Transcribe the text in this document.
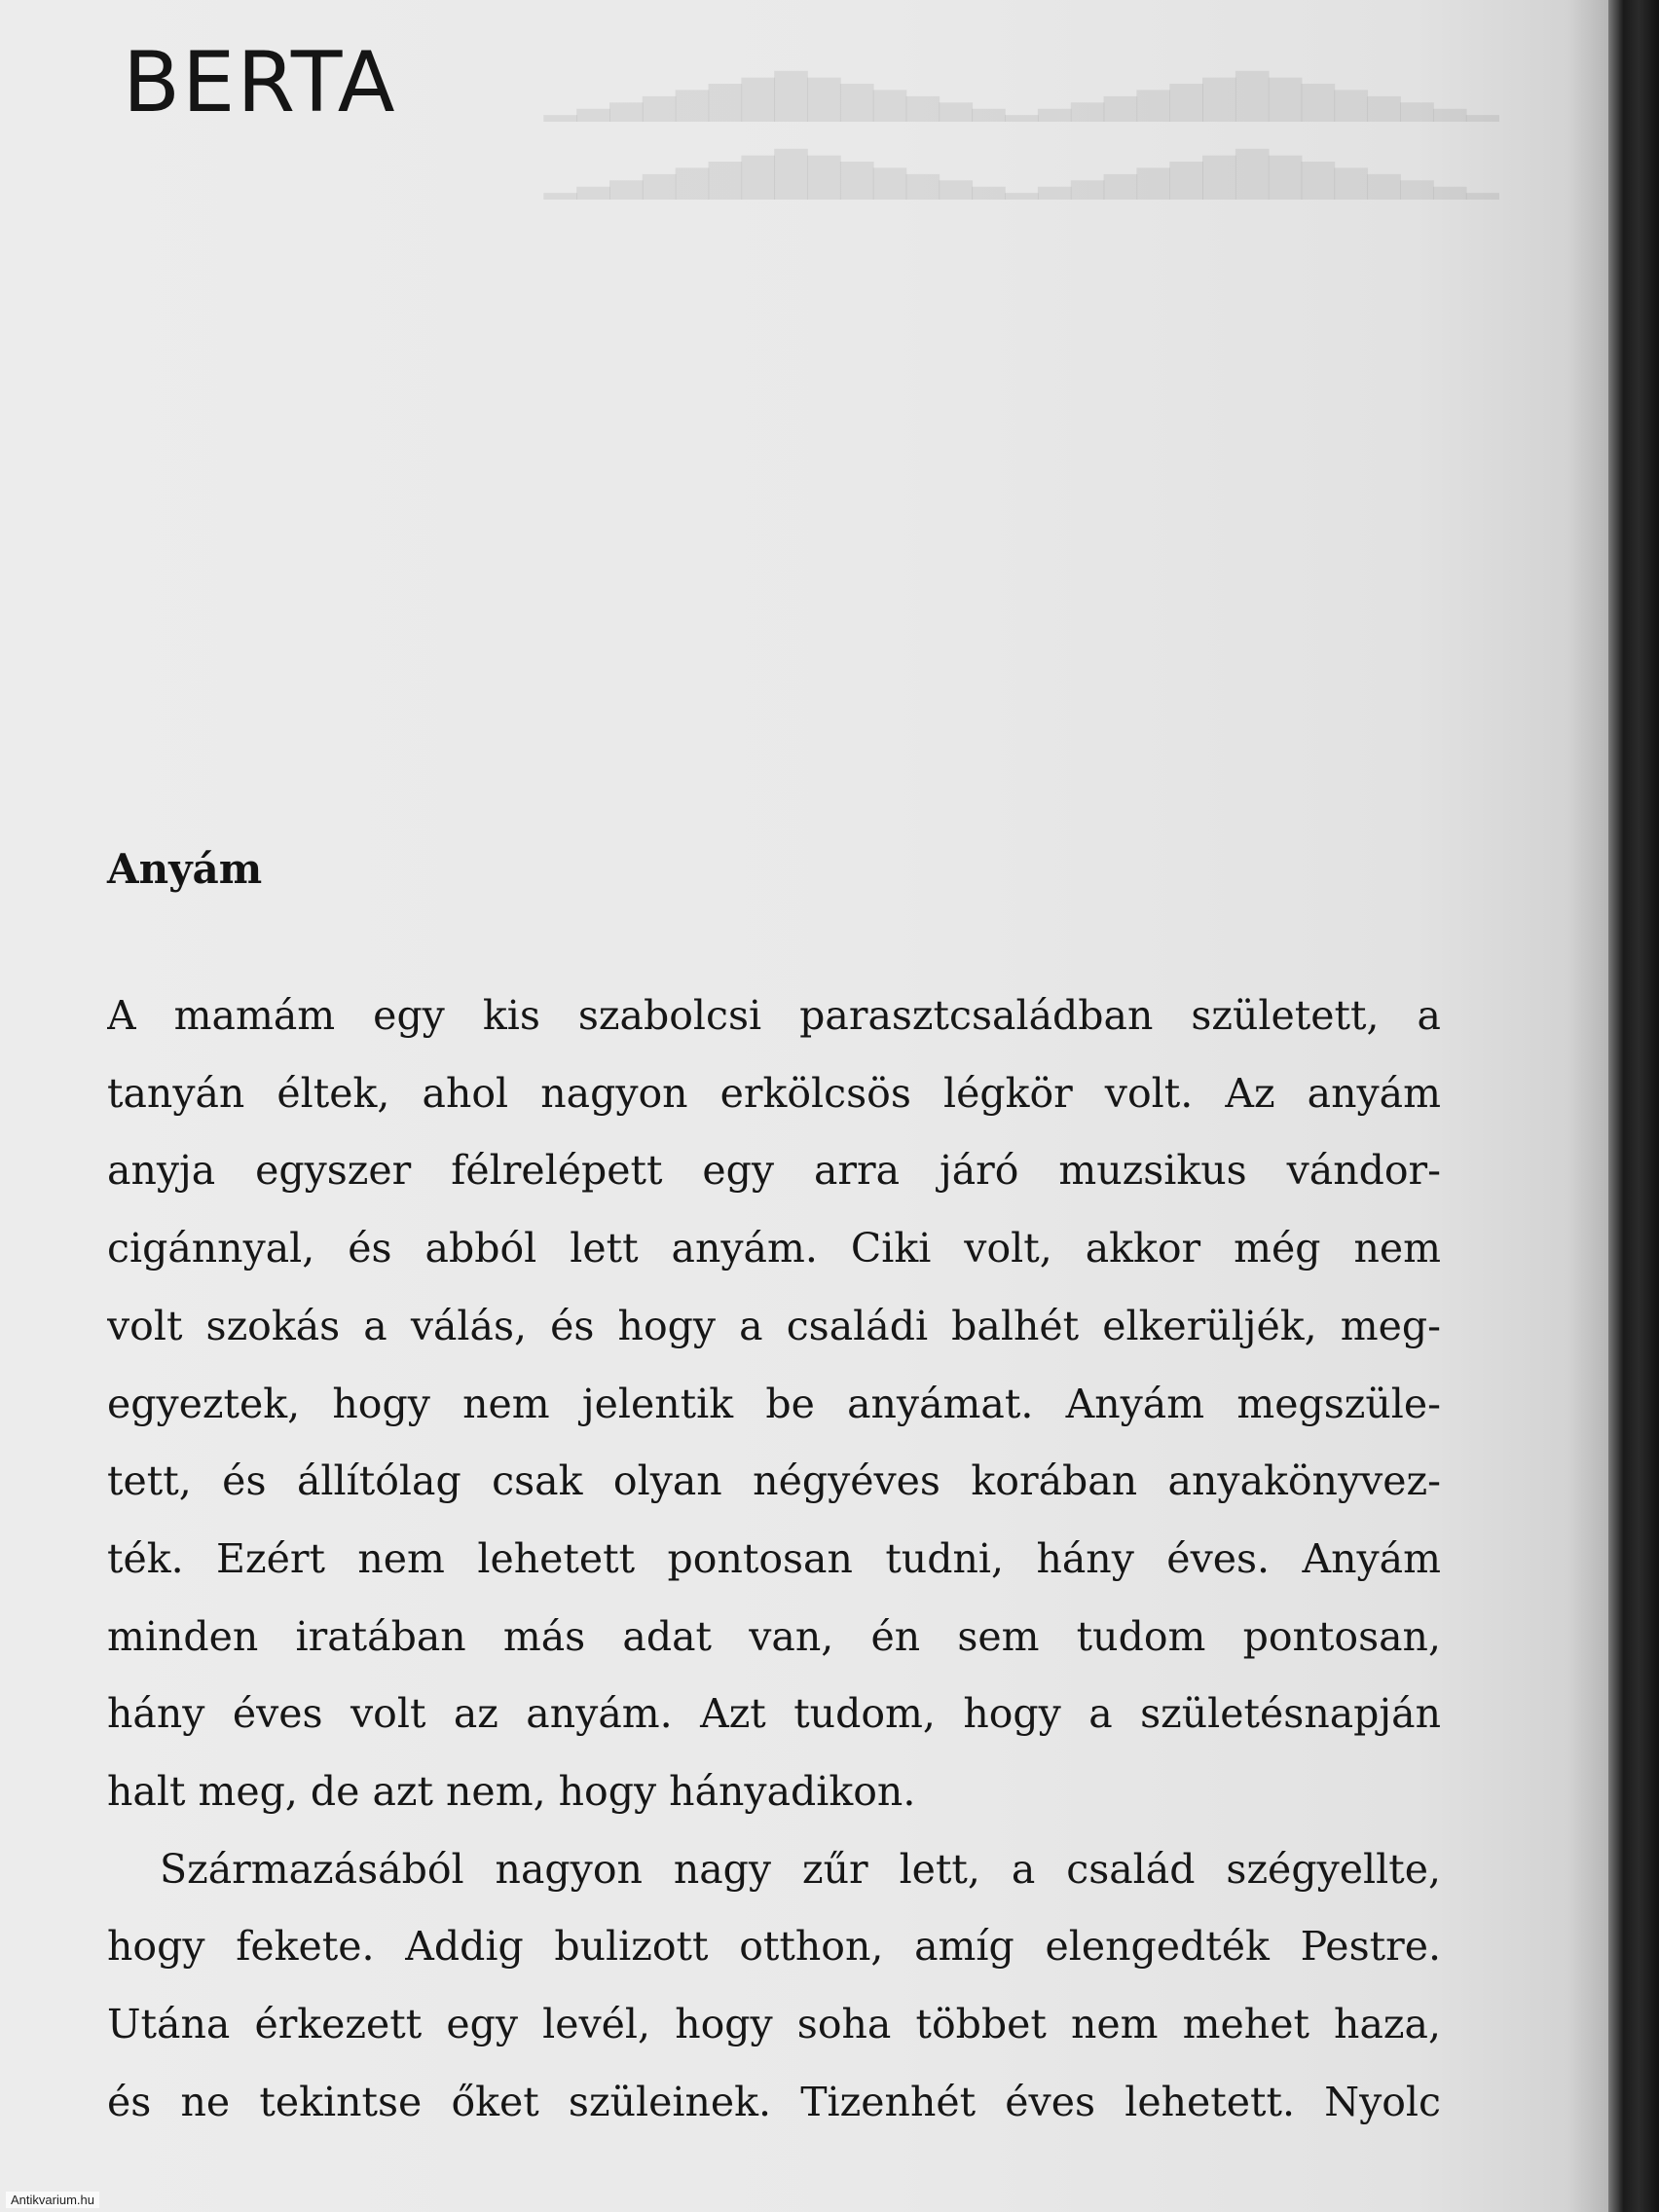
▁▂▃▄▅▆▇█▇▆▅▄▃▂▁▂▃▄▅▆▇█▇▆▅▄▃▂▁
▁▂▃▄▅▆▇█▇▆▅▄▃▂▁▂▃▄▅▆▇█▇▆▅▄▃▂▁
BERTA
Anyám
A mamám egy kis szabolcsi parasztcsaládban született, a
tanyán éltek, ahol nagyon erkölcsös légkör volt. Az anyám
anyja egyszer félrelépett egy arra járó muzsikus vándor-
cigánnyal, és abból lett anyám. Ciki volt, akkor még nem
volt szokás a válás, és hogy a családi balhét elkerüljék, meg-
egyeztek, hogy nem jelentik be anyámat. Anyám megszüle-
tett, és állítólag csak olyan négyéves korában anyakönyvez-
ték. Ezért nem lehetett pontosan tudni, hány éves. Anyám
minden iratában más adat van, én sem tudom pontosan,
hány éves volt az anyám. Azt tudom, hogy a születésnapján
halt meg, de azt nem, hogy hányadikon.
Származásából nagyon nagy zűr lett, a család szégyellte,
hogy fekete. Addig bulizott otthon, amíg elengedték Pestre.
Utána érkezett egy levél, hogy soha többet nem mehet haza,
és ne tekintse őket szüleinek. Tizenhét éves lehetett. Nyolc
Antikvarium.hu
